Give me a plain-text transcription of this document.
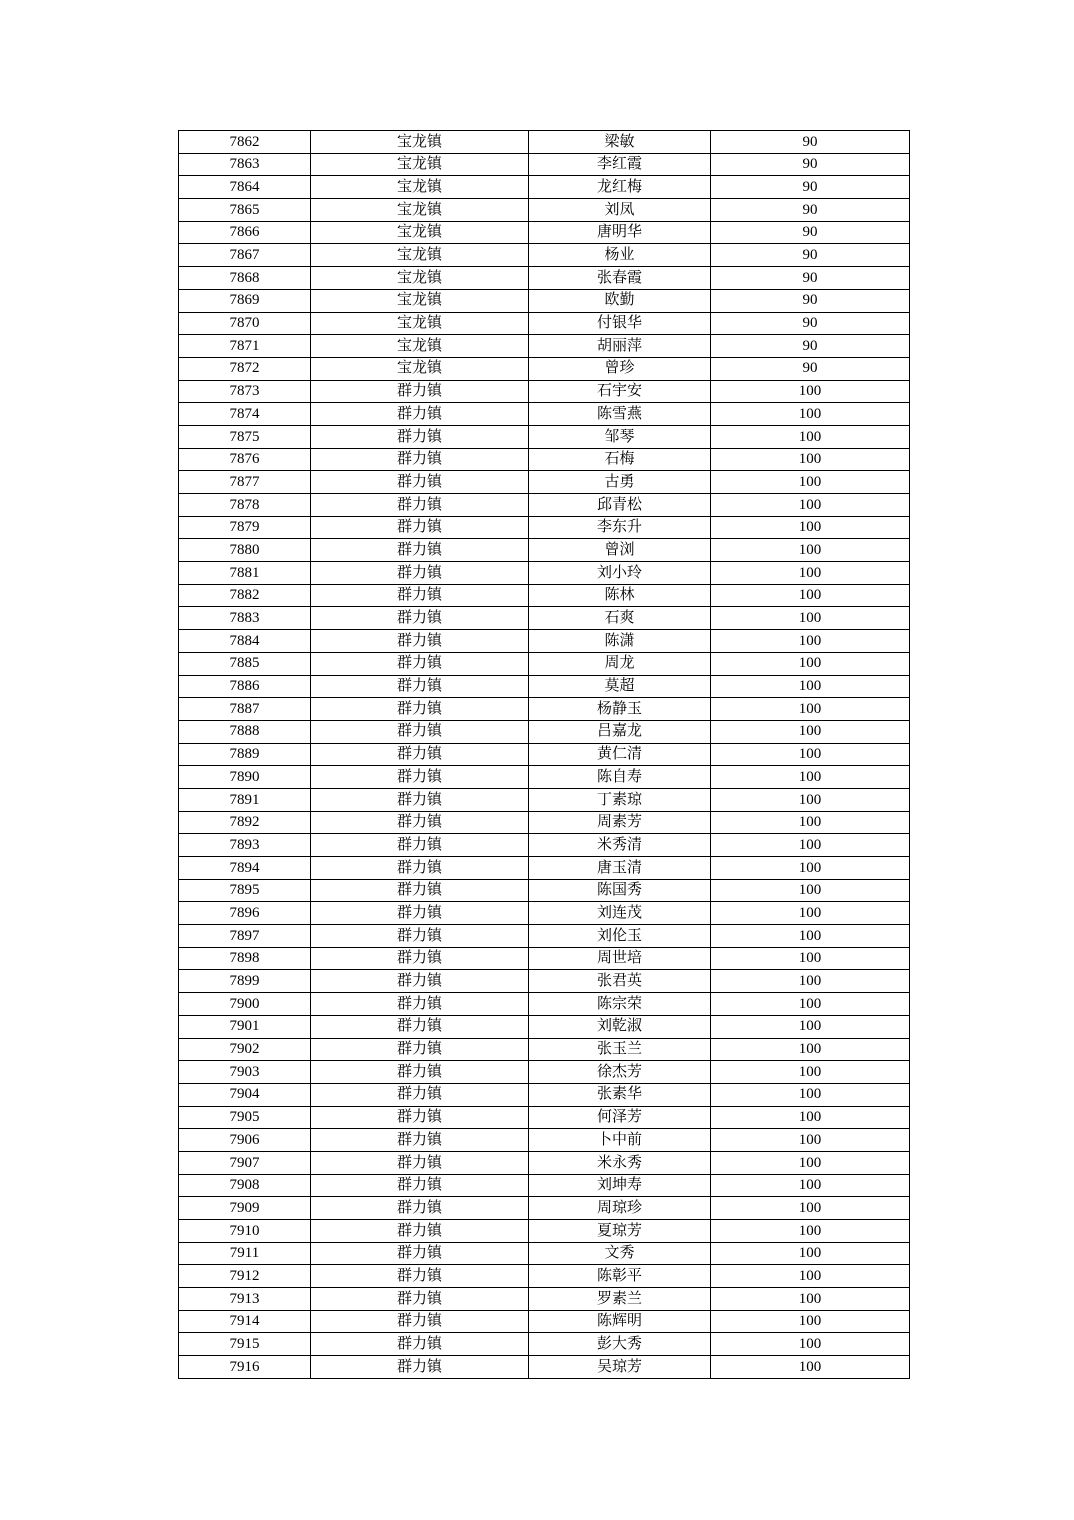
7862	宝龙镇	梁敏	90
7863	宝龙镇	李红霞	90
7864	宝龙镇	龙红梅	90
7865	宝龙镇	刘凤	90
7866	宝龙镇	唐明华	90
7867	宝龙镇	杨业	90
7868	宝龙镇	张春霞	90
7869	宝龙镇	欧勤	90
7870	宝龙镇	付银华	90
7871	宝龙镇	胡丽萍	90
7872	宝龙镇	曾珍	90
7873	群力镇	石宇安	100
7874	群力镇	陈雪燕	100
7875	群力镇	邹琴	100
7876	群力镇	石梅	100
7877	群力镇	古勇	100
7878	群力镇	邱青松	100
7879	群力镇	李东升	100
7880	群力镇	曾浏	100
7881	群力镇	刘小玲	100
7882	群力镇	陈林	100
7883	群力镇	石爽	100
7884	群力镇	陈潇	100
7885	群力镇	周龙	100
7886	群力镇	莫超	100
7887	群力镇	杨静玉	100
7888	群力镇	吕嘉龙	100
7889	群力镇	黄仁清	100
7890	群力镇	陈自寿	100
7891	群力镇	丁素琼	100
7892	群力镇	周素芳	100
7893	群力镇	米秀清	100
7894	群力镇	唐玉清	100
7895	群力镇	陈国秀	100
7896	群力镇	刘连茂	100
7897	群力镇	刘伦玉	100
7898	群力镇	周世培	100
7899	群力镇	张君英	100
7900	群力镇	陈宗荣	100
7901	群力镇	刘乾淑	100
7902	群力镇	张玉兰	100
7903	群力镇	徐杰芳	100
7904	群力镇	张素华	100
7905	群力镇	何泽芳	100
7906	群力镇	卜中前	100
7907	群力镇	米永秀	100
7908	群力镇	刘坤寿	100
7909	群力镇	周琼珍	100
7910	群力镇	夏琼芳	100
7911	群力镇	文秀	100
7912	群力镇	陈彰平	100
7913	群力镇	罗素兰	100
7914	群力镇	陈辉明	100
7915	群力镇	彭大秀	100
7916	群力镇	吴琼芳	100
